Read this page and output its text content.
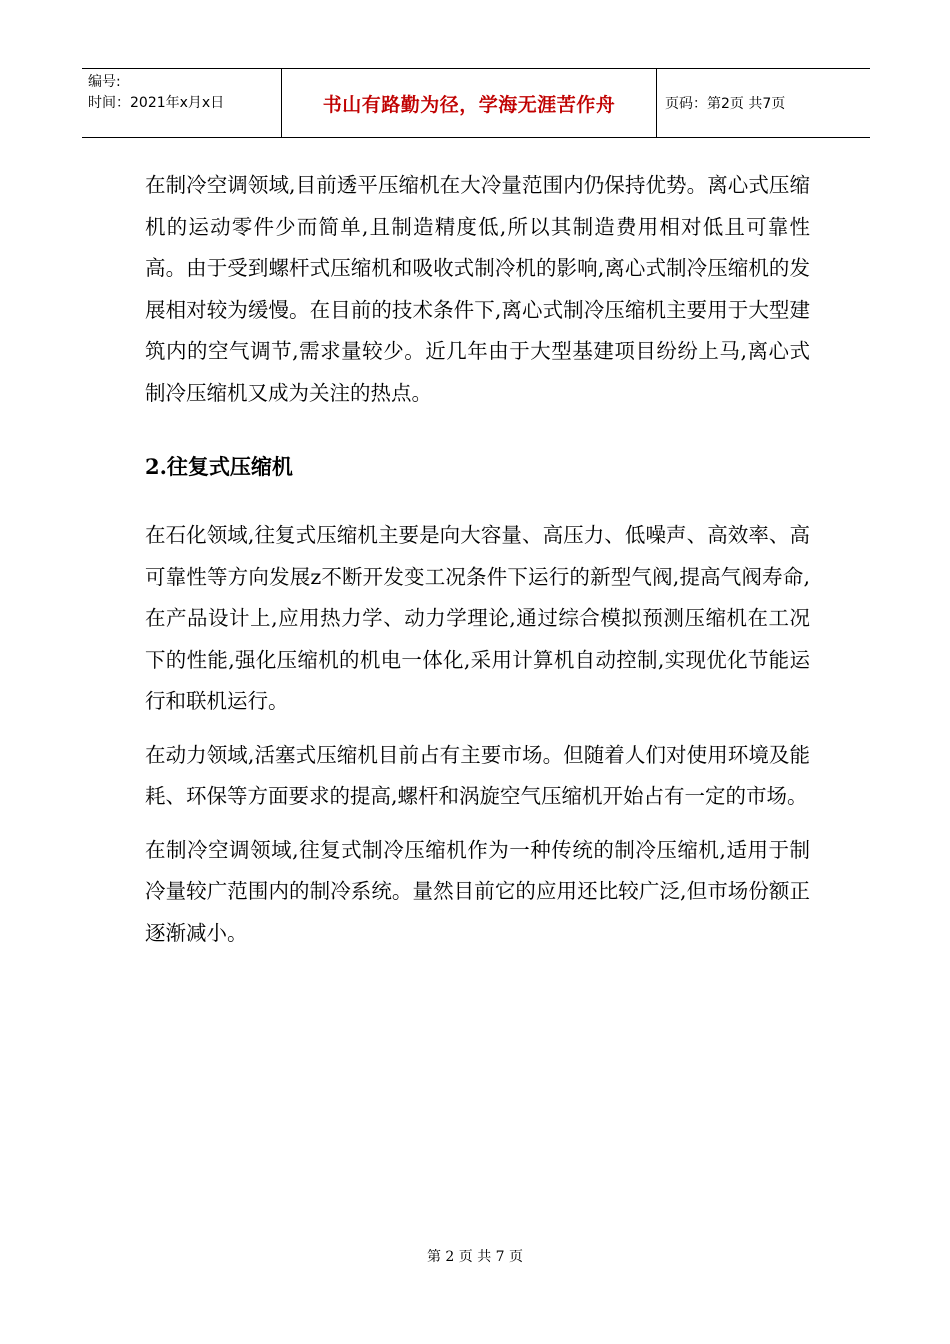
编号:
时间：2021年x月x日	书山有路勤为径，学海无涯苦作舟	页码：第2页 共7页

在制冷空调领域,目前透平压缩机在大冷量范围内仍保持优势。离心式压缩机的运动零件少而简单,且制造精度低,所以其制造费用相对低且可靠性高。由于受到螺杆式压缩机和吸收式制冷机的影响,离心式制冷压缩机的发展相对较为缓慢。在目前的技术条件下,离心式制冷压缩机主要用于大型建筑内的空气调节,需求量较少。近几年由于大型基建项目纷纷上马,离心式制冷压缩机又成为关注的热点。

2.往复式压缩机

在石化领域,往复式压缩机主要是向大容量、高压力、低噪声、高效率、高可靠性等方向发展z不断开发变工况条件下运行的新型气阀,提高气阀寿命,在产品设计上,应用热力学、动力学理论,通过综合模拟预测压缩机在工况下的性能,强化压缩机的机电一体化,采用计算机自动控制,实现优化节能运行和联机运行。

在动力领域,活塞式压缩机目前占有主要市场。但随着人们对使用环境及能耗、环保等方面要求的提高,螺杆和涡旋空气压缩机开始占有一定的市场。

在制冷空调领域,往复式制冷压缩机作为一种传统的制冷压缩机,适用于制冷量较广范围内的制冷系统。量然目前它的应用还比较广泛,但市场份额正逐渐减小。

第 2 页 共 7 页
